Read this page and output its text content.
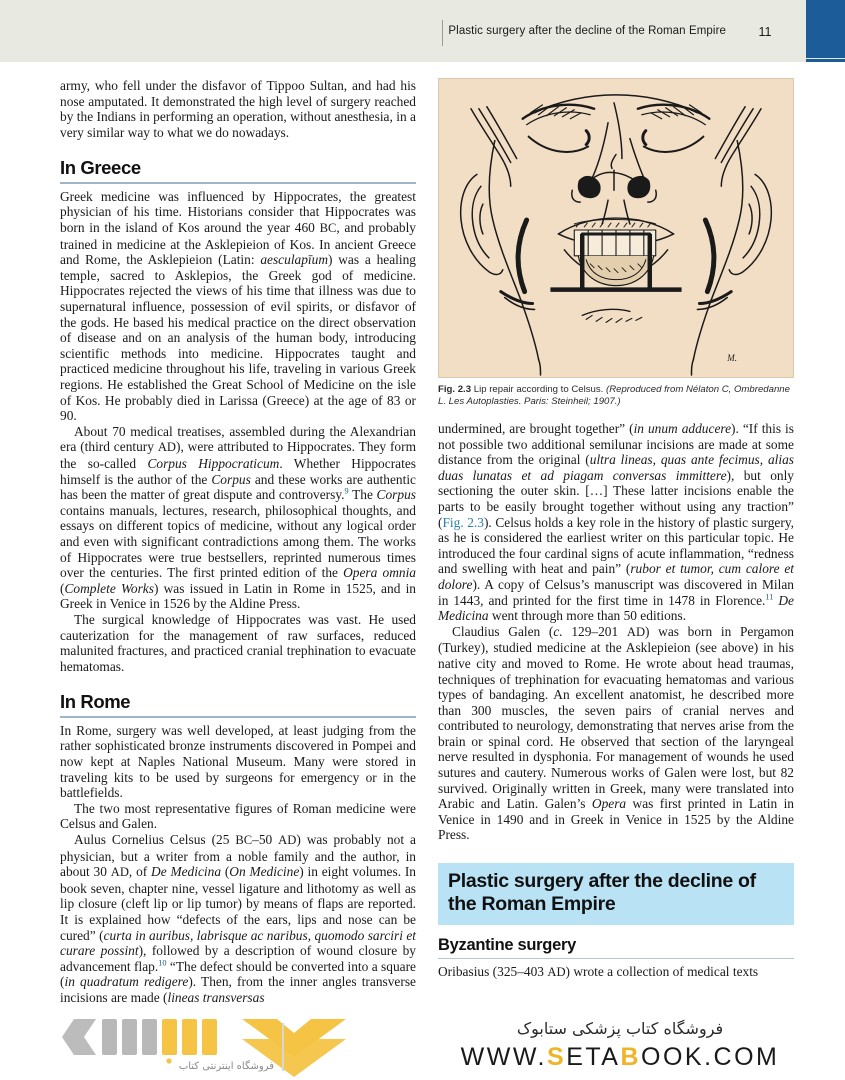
Plastic surgery after the decline of the Roman Empire	11

army, who fell under the disfavor of Tippoo Sultan, and had his nose amputated. It demonstrated the high level of surgery reached by the Indians in performing an operation, without anesthesia, in a very similar way to what we do nowadays.

In Greece

Greek medicine was influenced by Hippocrates, the greatest physician of his time. Historians consider that Hippocrates was born in the island of Kos around the year 460 BC, and probably trained in medicine at the Asklepieion of Kos. In ancient Greece and Rome, the Asklepieion (Latin: aesculapīum) was a healing temple, sacred to Asklepios, the Greek god of medicine. Hippocrates rejected the views of his time that illness was due to supernatural influence, possession of evil spirits, or disfavor of the gods. He based his medical practice on the direct observation of disease and on an analysis of the human body, introducing scientific methods into medicine. Hippocrates taught and practiced medicine throughout his life, traveling in various Greek regions. He established the Great School of Medicine on the isle of Kos. He probably died in Larissa (Greece) at the age of 83 or 90.

About 70 medical treatises, assembled during the Alexandrian era (third century AD), were attributed to Hippocrates. They form the so-called Corpus Hippocraticum. Whether Hippocrates himself is the author of the Corpus and these works are authentic has been the matter of great dispute and controversy.$^9$ The Corpus contains manuals, lectures, research, philosophical thoughts, and essays on different topics of medicine, without any logical order and even with significant contradictions among them. The works of Hippocrates were true bestsellers, reprinted numerous times over the centuries. The first printed edition of the Opera omnia (Complete Works) was issued in Latin in Rome in 1525, and in Greek in Venice in 1526 by the Aldine Press.

The surgical knowledge of Hippocrates was vast. He used cauterization for the management of raw surfaces, reduced malunited fractures, and practiced cranial trephination to evacuate hematomas.

In Rome

In Rome, surgery was well developed, at least judging from the rather sophisticated bronze instruments discovered in Pompei and now kept at Naples National Museum. Many were stored in traveling kits to be used by surgeons for emergency or in the battlefields.

The two most representative figures of Roman medicine were Celsus and Galen.

Aulus Cornelius Celsus (25 BC–50 AD) was probably not a physician, but a writer from a noble family and the author, in about 30 AD, of De Medicina (On Medicine) in eight volumes. In book seven, chapter nine, vessel ligature and lithotomy as well as lip closure (cleft lip or lip tumor) by means of flaps are reported. It is explained how “defects of the ears, lips and nose can be cured” (curta in auribus, labrisque ac naribus, quomodo sarciri et curare possint), followed by a description of wound closure by advancement flap.$^{10}$ “The defect should be converted into a square (in quadratum redigere). Then, from the inner angles transverse incisions are made (lineas transversas

M.
Fig. 2.3 Lip repair according to Celsus. (Reproduced from Nélaton C, Ombredanne L. Les Autoplasties. Paris: Steinheil; 1907.)

undermined, are brought together” (in unum adducere). “If this is not possible two additional semilunar incisions are made at some distance from the original (ultra lineas, quas ante fecimus, alias duas lunatas et ad piagam conversas immittere), but only sectioning the outer skin. […] These latter incisions enable the parts to be easily brought together without using any traction” (Fig. 2.3). Celsus holds a key role in the history of plastic surgery, as he is considered the earliest writer on this particular topic. He introduced the four cardinal signs of acute inflammation, “redness and swelling with heat and pain” (rubor et tumor, cum calore et dolore). A copy of Celsus’s manuscript was discovered in Milan in 1443, and printed for the first time in 1478 in Florence.$^{11}$ De Medicina went through more than 50 editions.

Claudius Galen (c. 129–201 AD) was born in Pergamon (Turkey), studied medicine at the Asklepieion (see above) in his native city and moved to Rome. He wrote about head traumas, techniques of trephination for evacuating hematomas and various types of bandaging. An excellent anatomist, he described more than 300 muscles, the seven pairs of cranial nerves and contributed to neurology, demonstrating that nerves arise from the brain or spinal cord. He observed that section of the laryngeal nerve resulted in dysphonia. For management of wounds he used sutures and cautery. Numerous works of Galen were lost, but 82 survived. Originally written in Greek, many were translated into Arabic and Latin. Galen’s Opera was first printed in Latin in Venice in 1490 and in Greek in Venice in 1525 by the Aldine Press.

Plastic surgery after the decline of the Roman Empire
Byzantine surgery

Oribasius (325–403 AD) wrote a collection of medical texts

فروشگاه اینترنتی کتاب
فروشگاه کتاب پزشکی ستابوک
WWW.SETABOOK.COM
